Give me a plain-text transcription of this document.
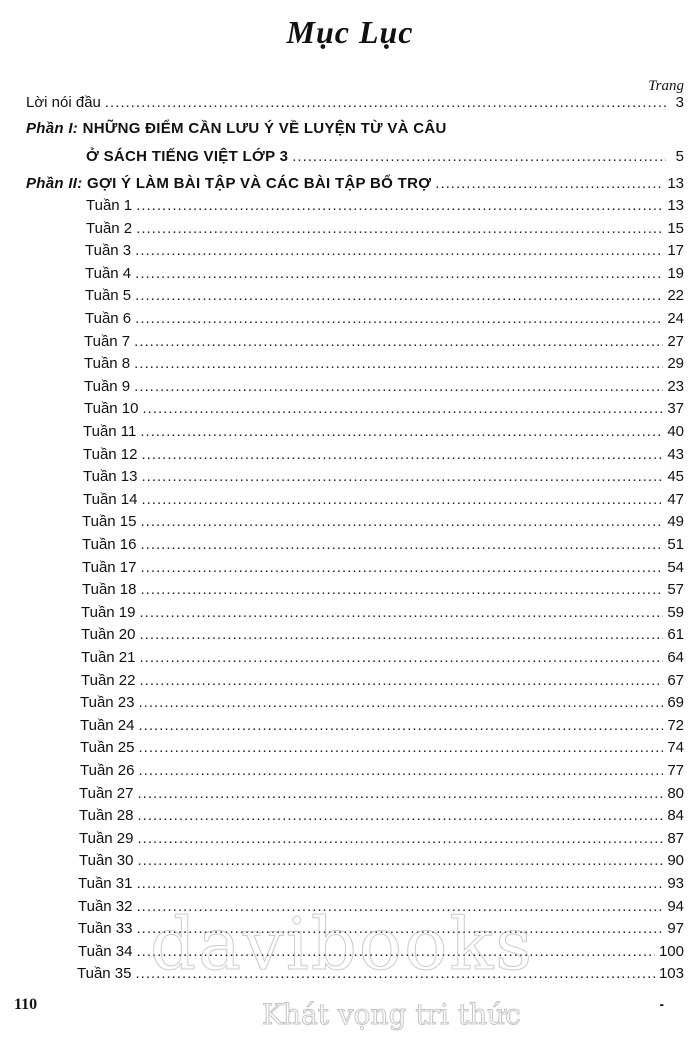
Mục Lục
Trang
Lời nói đầu .....	3
Phần I: NHỮNG ĐIỂM CẦN LƯU Ý VỀ LUYỆN TỪ VÀ CÂU
Ở SÁCH TIẾNG VIỆT LỚP 3 .....	5
Phần II: GỢI Ý LÀM BÀI TẬP VÀ CÁC BÀI TẬP BỔ TRỢ .....	13
Tuần 1 .....	13
Tuần 2 .....	15
Tuần 3 .....	17
Tuần 4 .....	19
Tuần 5 .....	22
Tuần 6 .....	24
Tuần 7 .....	27
Tuần 8 .....	29
Tuần 9 .....	23
Tuần 10 .....	37
Tuần 11 .....	40
Tuần 12 .....	43
Tuần 13 .....	45
Tuần 14 .....	47
Tuần 15 .....	49
Tuần 16 .....	51
Tuần 17 .....	54
Tuần 18 .....	57
Tuần 19 .....	59
Tuần 20 .....	61
Tuần 21 .....	64
Tuần 22 .....	67
Tuần 23 .....	69
Tuần 24 .....	72
Tuần 25 .....	74
Tuần 26 .....	77
Tuần 27 .....	80
Tuần 28 .....	84
Tuần 29 .....	87
Tuần 30 .....	90
Tuần 31 .....	93
Tuần 32 .....	94
Tuần 33 .....	97
Tuần 34 .....	100
Tuần 35 .....	103
110	-
davibooks
Khát vọng tri thức
